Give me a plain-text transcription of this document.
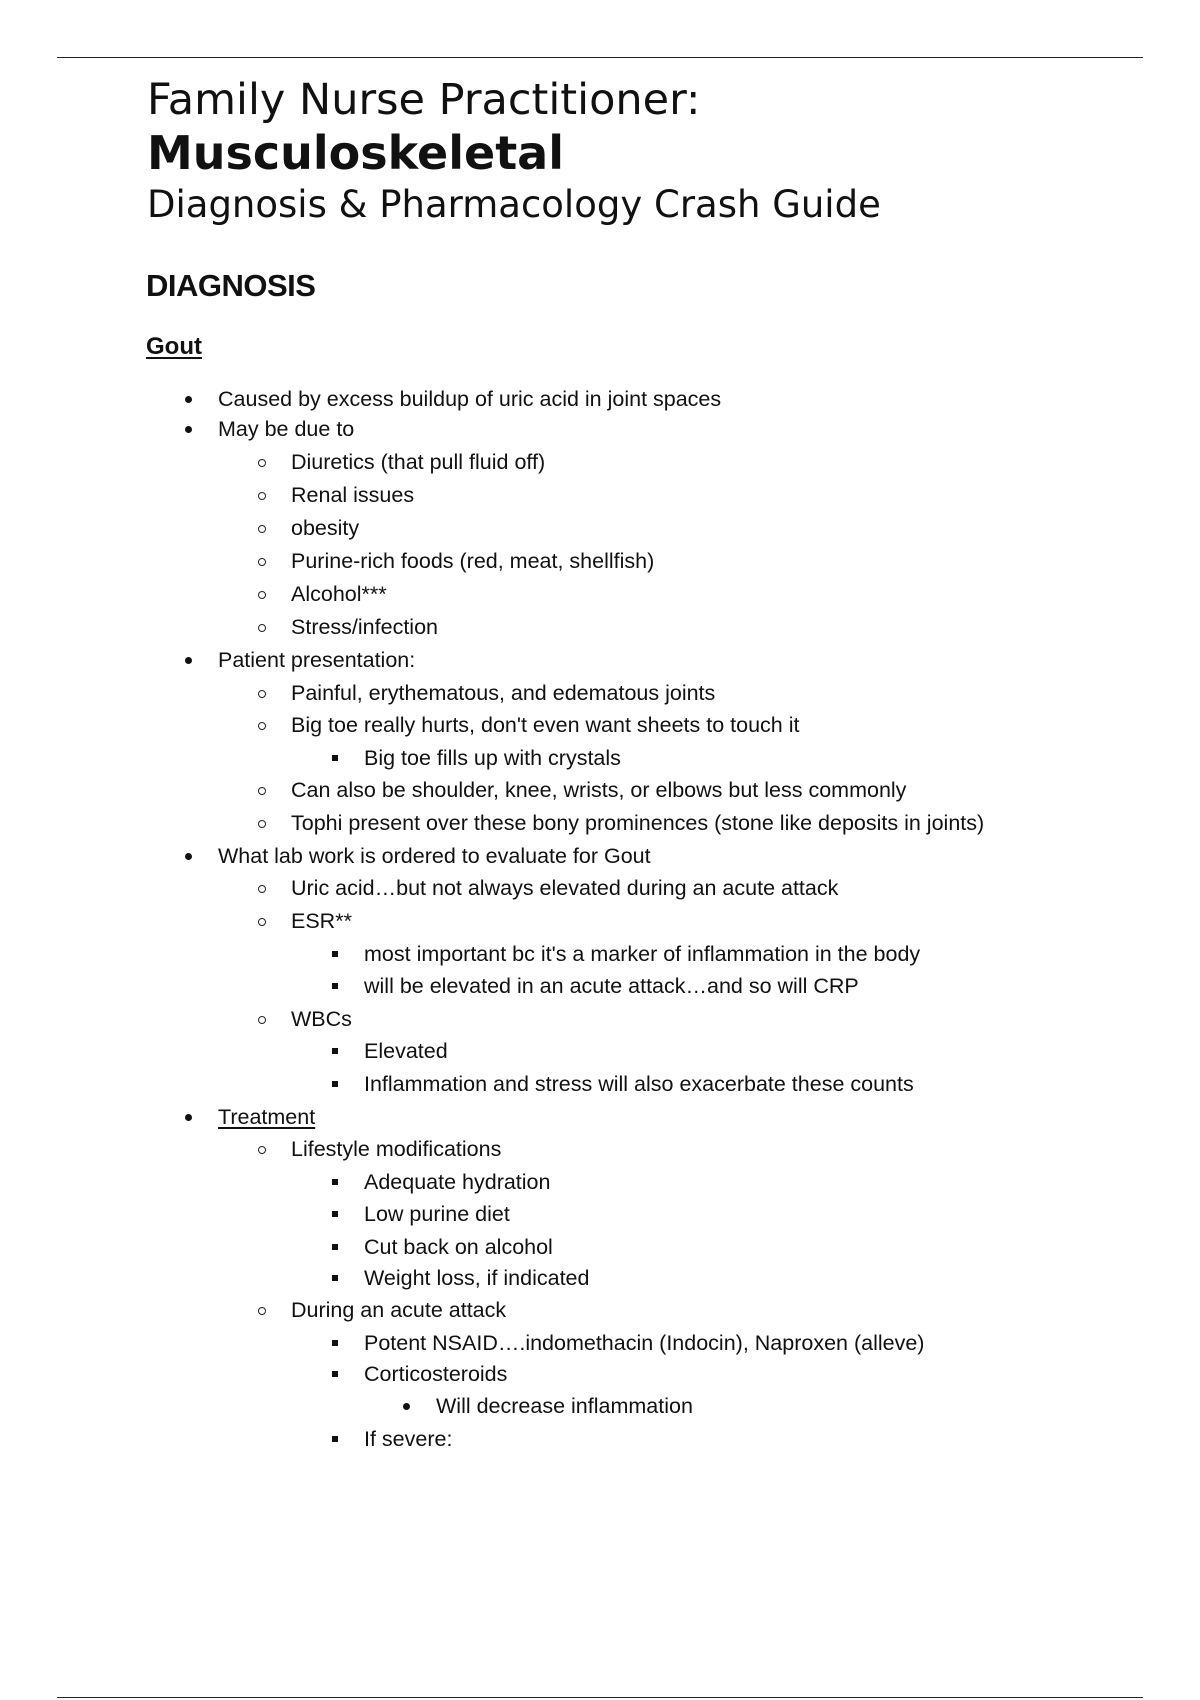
Family Nurse Practitioner:
Musculoskeletal
Diagnosis & Pharmacology Crash Guide
DIAGNOSIS
Gout
Caused by excess buildup of uric acid in joint spaces
May be due to
Diuretics (that pull fluid off)
Renal issues
obesity
Purine-rich foods (red, meat, shellfish)
Alcohol***
Stress/infection
Patient presentation:
Painful, erythematous, and edematous joints
Big toe really hurts, don't even want sheets to touch it
Big toe fills up with crystals
Can also be shoulder, knee, wrists, or elbows but less commonly
Tophi present over these bony prominences (stone like deposits in joints)
What lab work is ordered to evaluate for Gout
Uric acid…but not always elevated during an acute attack
ESR**
most important bc it's a marker of inflammation in the body
will be elevated in an acute attack…and so will CRP
WBCs
Elevated
Inflammation and stress will also exacerbate these counts
Treatment
Lifestyle modifications
Adequate hydration
Low purine diet
Cut back on alcohol
Weight loss, if indicated
During an acute attack
Potent NSAID….indomethacin (Indocin), Naproxen (alleve)
Corticosteroids
Will decrease inflammation
If severe:
